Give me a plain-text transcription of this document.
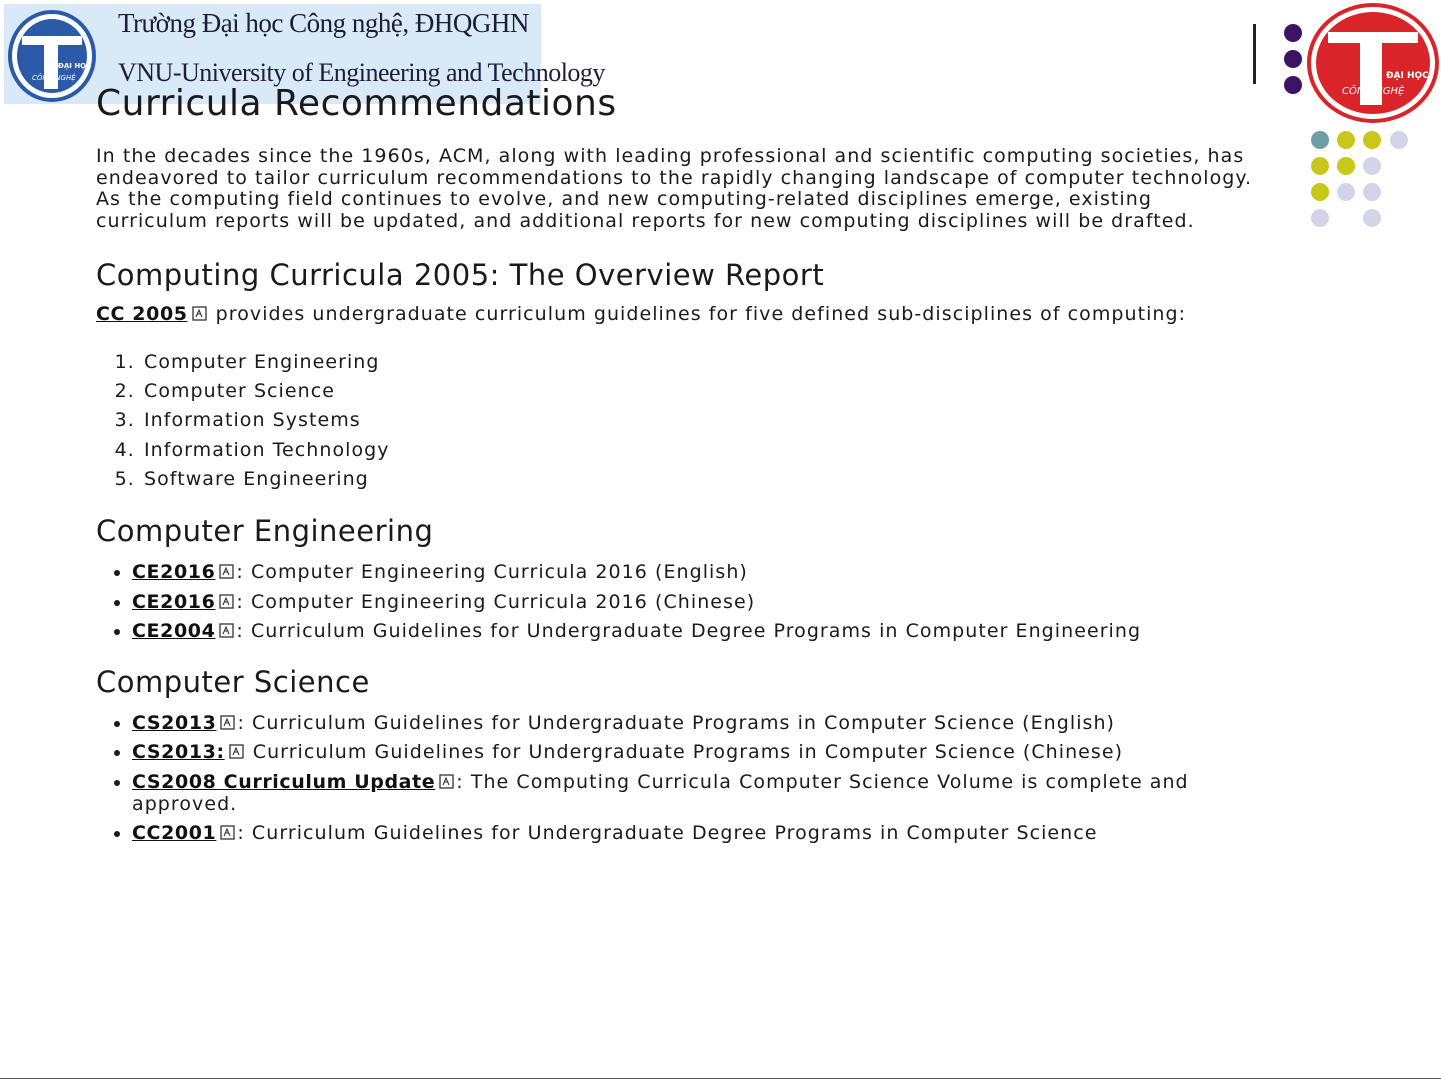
ĐẠI HỌC
CÔNG NGHỆ
Trường Đại học Công nghệ, ĐHQGHN
VNU-University of Engineering and Technology	ĐẠI HỌC
CÔNG NGHỆ
Curricula Recommendations

In the decades since the 1960s, ACM, along with leading professional and scientific computing societies, has endeavored to tailor curriculum recommendations to the rapidly changing landscape of computer technology. As the computing field continues to evolve, and new computing-related disciplines emerge, existing curriculum reports will be updated, and additional reports for new computing disciplines will be drafted.

Computing Curricula 2005: The Overview Report

CC 2005 provides undergraduate curriculum guidelines for five defined sub-disciplines of computing:

1. Computer Engineering
2. Computer Science
3. Information Systems
4. Information Technology
5. Software Engineering
Computer Engineering
• CE2016 : Computer Engineering Curricula 2016 (English)
• CE2016 : Computer Engineering Curricula 2016 (Chinese)
• CE2004 : Curriculum Guidelines for Undergraduate Degree Programs in Computer Engineering
Computer Science
• CS2013 : Curriculum Guidelines for Undergraduate Programs in Computer Science (English)
• CS2013: Curriculum Guidelines for Undergraduate Programs in Computer Science (Chinese)
• CS2008 Curriculum Update : The Computing Curricula Computer Science Volume is complete and approved.
• CC2001 : Curriculum Guidelines for Undergraduate Degree Programs in Computer Science
